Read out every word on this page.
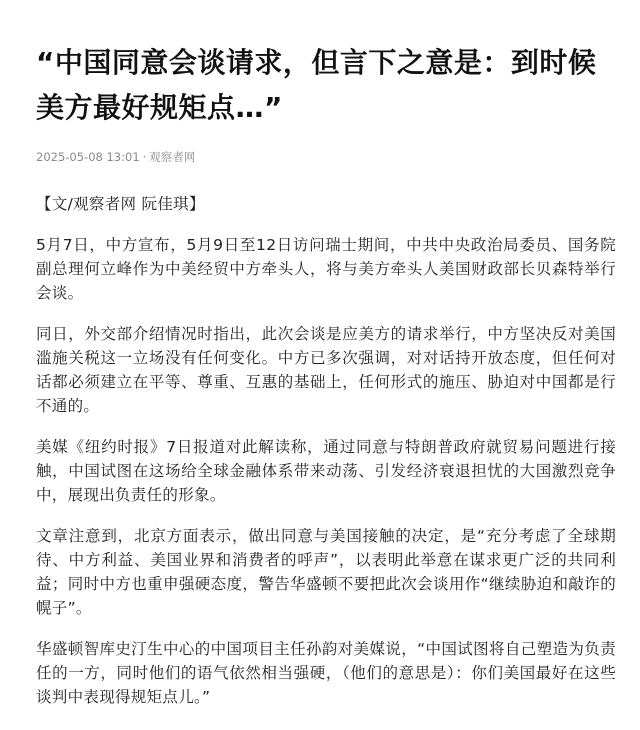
“中国同意会谈请求，但言下之意是：到时候美方最好规矩点…”
2025-05-08 13:01 · 观察者网

【文/观察者网 阮佳琪】

5月7日，中方宣布，5月9日至12日访问瑞士期间，中共中央政治局委员、国务院副总理何立峰作为中美经贸中方牵头人，将与美方牵头人美国财政部长贝森特举行会谈。

同日，外交部介绍情况时指出，此次会谈是应美方的请求举行，中方坚决反对美国滥施关税这一立场没有任何变化。中方已多次强调，对对话持开放态度，但任何对话都必须建立在平等、尊重、互惠的基础上，任何形式的施压、胁迫对中国都是行不通的。

美媒《纽约时报》7日报道对此解读称，通过同意与特朗普政府就贸易问题进行接触，中国试图在这场给全球金融体系带来动荡、引发经济衰退担忧的大国激烈竞争中，展现出负责任的形象。

文章注意到，北京方面表示，做出同意与美国接触的决定，是“充分考虑了全球期待、中方利益、美国业界和消费者的呼声”，以表明此举意在谋求更广泛的共同利益；同时中方也重申强硬态度，警告华盛顿不要把此次会谈用作“继续胁迫和敲诈的幌子”。

华盛顿智库史汀生中心的中国项目主任孙韵对美媒说，“中国试图将自己塑造为负责任的一方，同时他们的语气依然相当强硬，（他们的意思是）：你们美国最好在这些谈判中表现得规矩点儿。”
